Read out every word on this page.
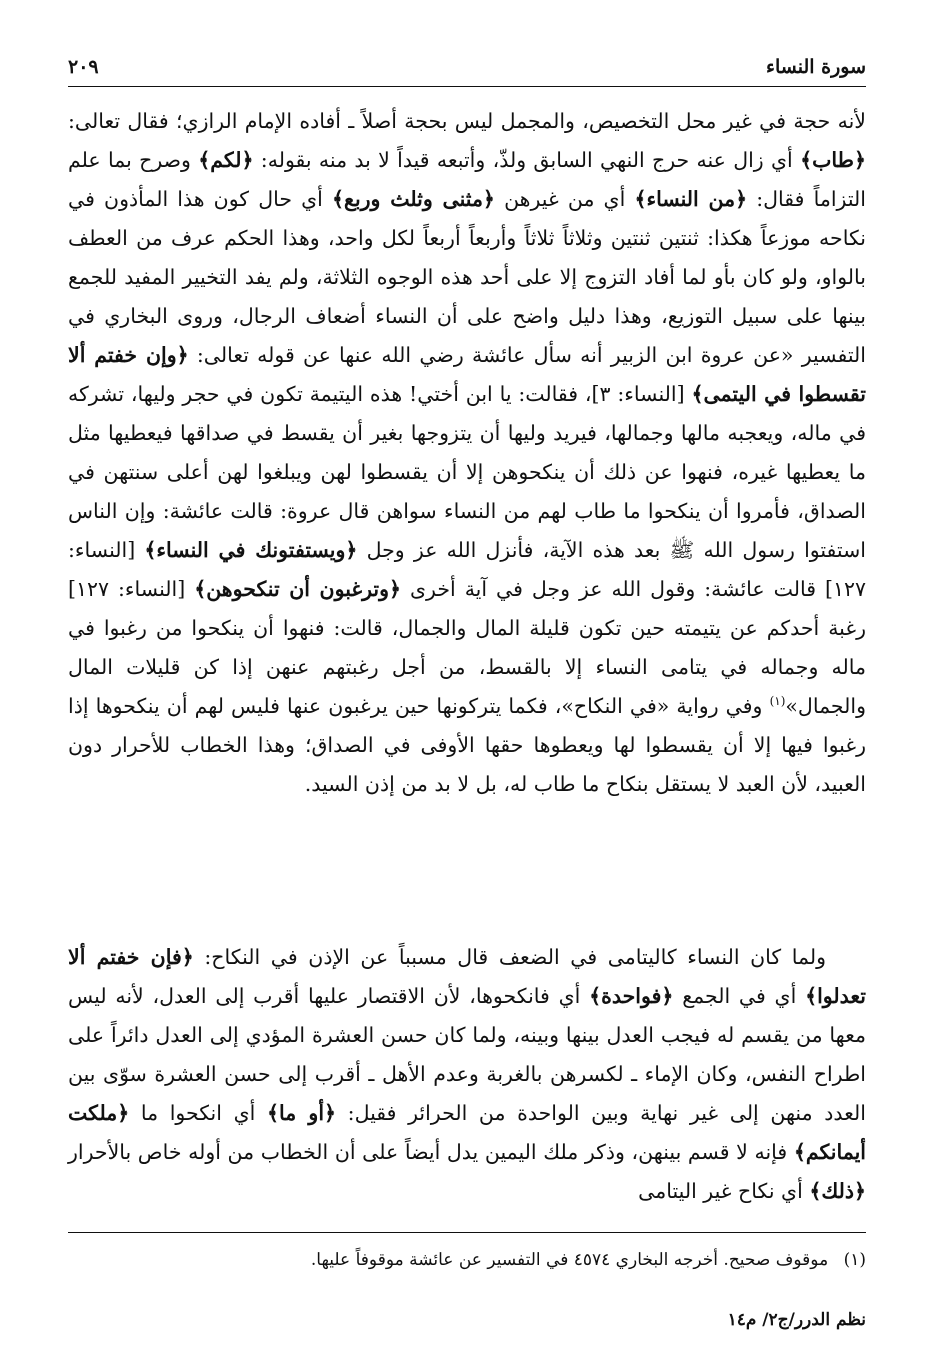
سورة النساء
٢٠٩

لأنه حجة في غير محل التخصيص، والمجمل ليس بحجة أصلاً ـ أفاده الإمام الرازي؛ فقال تعالى: ﴿طاب﴾ أي زال عنه حرج النهي السابق ولذّ، وأتبعه قيداً لا بد منه بقوله: ﴿لكم﴾ وصرح بما علم التزاماً فقال: ﴿من النساء﴾ أي من غيرهن ﴿مثنى وثلث وربع﴾ أي حال كون هذا المأذون في نكاحه موزعاً هكذا: ثنتين ثنتين وثلاثاً ثلاثاً وأربعاً أربعاً لكل واحد، وهذا الحكم عرف من العطف بالواو، ولو كان بأو لما أفاد التزوج إلا على أحد هذه الوجوه الثلاثة، ولم يفد التخيير المفيد للجمع بينها على سبيل التوزيع، وهذا دليل واضح على أن النساء أضعاف الرجال، وروى البخاري في التفسير «عن عروة ابن الزبير أنه سأل عائشة رضي الله عنها عن قوله تعالى: ﴿وإن خفتم ألا تقسطوا في اليتمى﴾ [النساء: ٣]، فقالت: يا ابن أختي! هذه اليتيمة تكون في حجر وليها، تشركه في ماله، ويعجبه مالها وجمالها، فيريد وليها أن يتزوجها بغير أن يقسط في صداقها فيعطيها مثل ما يعطيها غيره، فنهوا عن ذلك أن ينكحوهن إلا أن يقسطوا لهن ويبلغوا لهن أعلى سنتهن في الصداق، فأمروا أن ينكحوا ما طاب لهم من النساء سواهن قال عروة: قالت عائشة: وإن الناس استفتوا رسول الله ﷺ بعد هذه الآية، فأنزل الله عز وجل ﴿ويستفتونك في النساء﴾ [النساء: ١٢٧] قالت عائشة: وقول الله عز وجل في آية أخرى ﴿وترغبون أن تنكحوهن﴾ [النساء: ١٢٧] رغبة أحدكم عن يتيمته حين تكون قليلة المال والجمال، قالت: فنهوا أن ينكحوا من رغبوا في ماله وجماله في يتامى النساء إلا بالقسط، من أجل رغبتهم عنهن إذا كن قليلات المال والجمال»$^{(١)}$ وفي رواية «في النكاح»، فكما يتركونها حين يرغبون عنها فليس لهم أن ينكحوها إذا رغبوا فيها إلا أن يقسطوا لها ويعطوها حقها الأوفى في الصداق؛ وهذا الخطاب للأحرار دون العبيد، لأن العبد لا يستقل بنكاح ما طاب له، بل لا بد من إذن السيد.

ولما كان النساء كاليتامى في الضعف قال مسبباً عن الإذن في النكاح: ﴿فإن خفتم ألا تعدلوا﴾ أي في الجمع ﴿فواحدة﴾ أي فانكحوها، لأن الاقتصار عليها أقرب إلى العدل، لأنه ليس معها من يقسم له فيجب العدل بينها وبينه، ولما كان حسن العشرة المؤدي إلى العدل دائراً على اطراح النفس، وكان الإماء ـ لكسرهن بالغربة وعدم الأهل ـ أقرب إلى حسن العشرة سوّى بين العدد منهن إلى غير نهاية وبين الواحدة من الحرائر فقيل: ﴿أو ما﴾ أي انكحوا ما ﴿ملكت أيمانكم﴾ فإنه لا قسم بينهن، وذكر ملك اليمين يدل أيضاً على أن الخطاب من أوله خاص بالأحرار ﴿ذلك﴾ أي نكاح غير اليتامى

(١) موقوف صحيح. أخرجه البخاري ٤٥٧٤ في التفسير عن عائشة موقوفاً عليها.
نظم الدرر/ج٢/ م١٤
